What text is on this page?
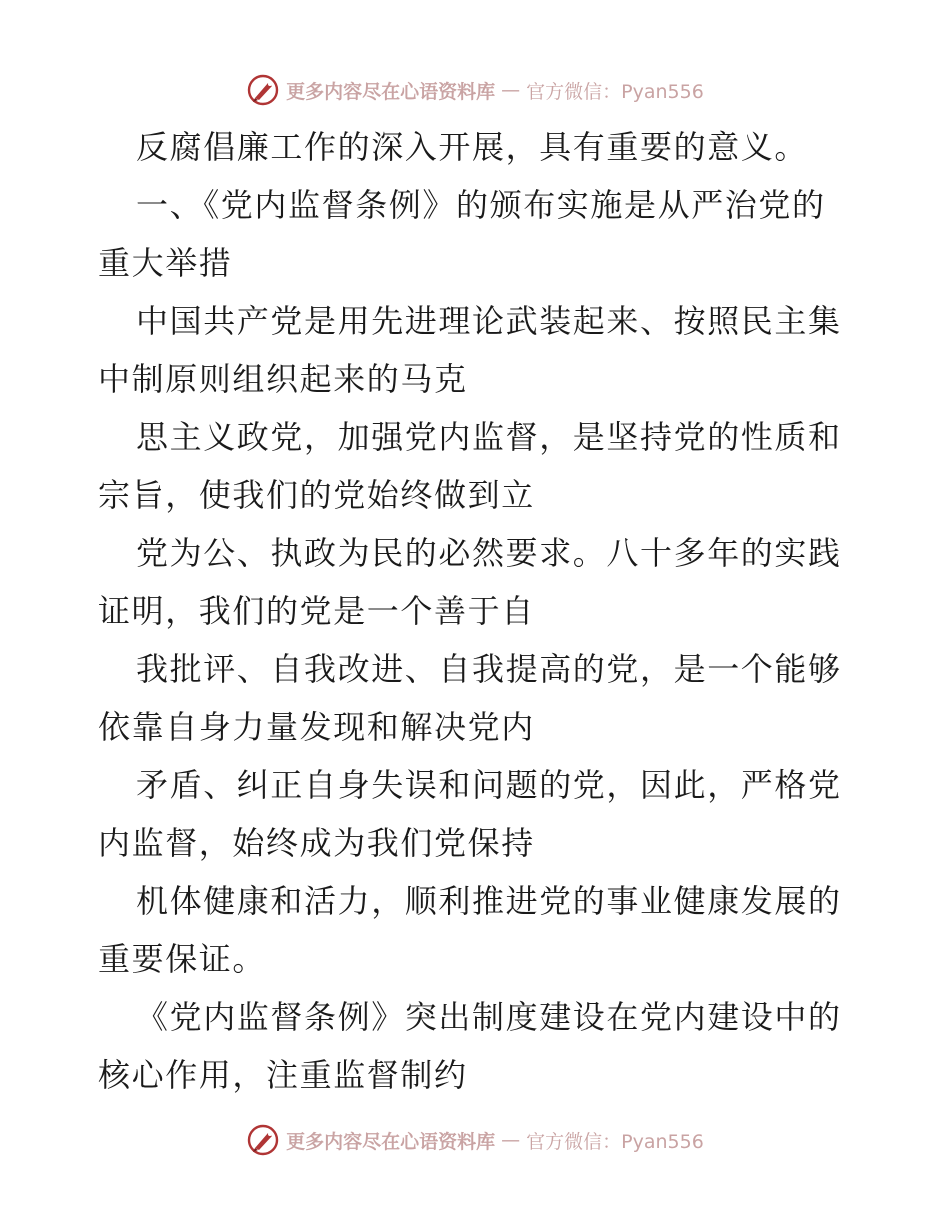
更多内容尽在心语资料库 — 官方微信：Pyan556
反腐倡廉工作的深入开展，具有重要的意义。
一、《党内监督条例》的颁布实施是从严治党的
重大举措
中国共产党是用先进理论武装起来、按照民主集
中制原则组织起来的马克
思主义政党，加强党内监督，是坚持党的性质和
宗旨，使我们的党始终做到立
党为公、执政为民的必然要求。八十多年的实践
证明，我们的党是一个善于自
我批评、自我改进、自我提高的党，是一个能够
依靠自身力量发现和解决党内
矛盾、纠正自身失误和问题的党，因此，严格党
内监督，始终成为我们党保持
机体健康和活力，顺利推进党的事业健康发展的
重要保证。
《党内监督条例》突出制度建设在党内建设中的
核心作用，注重监督制约
更多内容尽在心语资料库 — 官方微信：Pyan556
